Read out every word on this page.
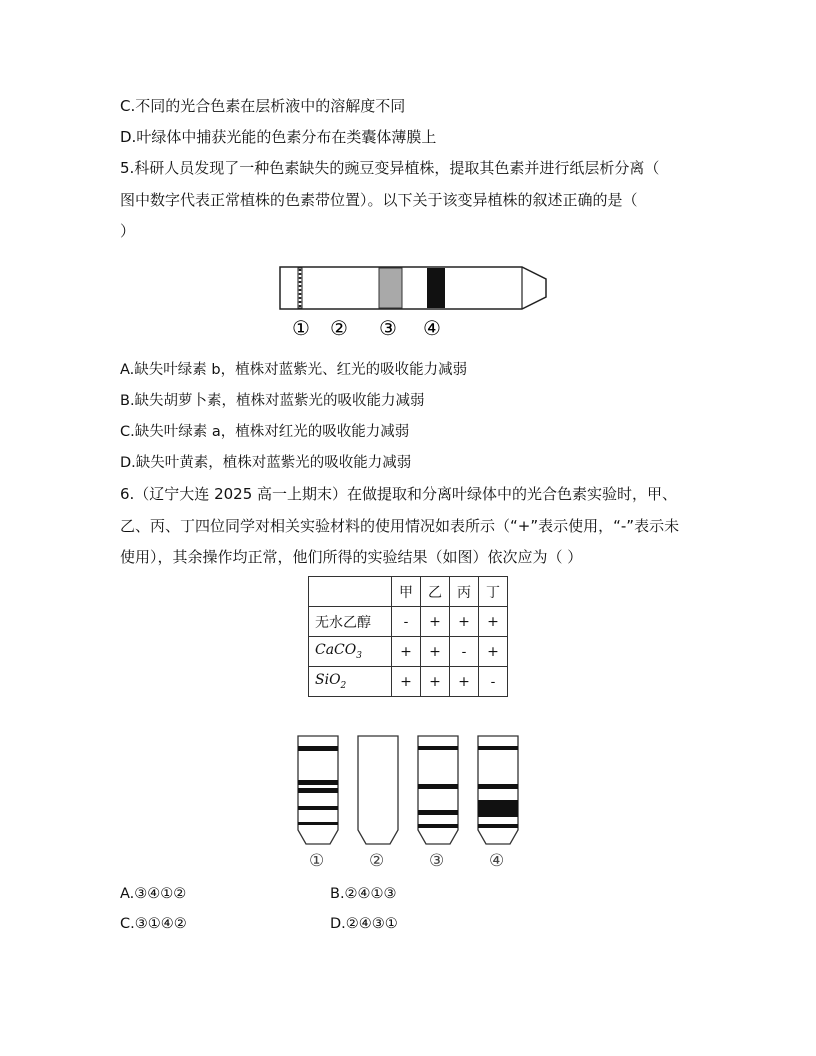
C.不同的光合色素在层析液中的溶解度不同
D.叶绿体中捕获光能的色素分布在类囊体薄膜上
5.科研人员发现了一种色素缺失的豌豆变异植株，提取其色素并进行纸层析分离（
图中数字代表正常植株的色素带位置）。以下关于该变异植株的叙述正确的是（
）
① ② ③ ④
A.缺失叶绿素 b，植株对蓝紫光、红光的吸收能力减弱
B.缺失胡萝卜素，植株对蓝紫光的吸收能力减弱
C.缺失叶绿素 a，植株对红光的吸收能力减弱
D.缺失叶黄素，植株对蓝紫光的吸收能力减弱
6.（辽宁大连 2025 高一上期末）在做提取和分离叶绿体中的光合色素实验时，甲、
乙、丙、丁四位同学对相关实验材料的使用情况如表所示（“+”表示使用，“-”表示未
使用），其余操作均正常，他们所得的实验结果（如图）依次应为（ ）
	甲	乙	丙	丁
无水乙醇	-	+	+	+
CaCO$_3$	+	+	-	+
SiO$_2$	+	+	+	-
①	②	③	④
A.③④①②	B.②④①③
C.③①④②	D.②④③①
